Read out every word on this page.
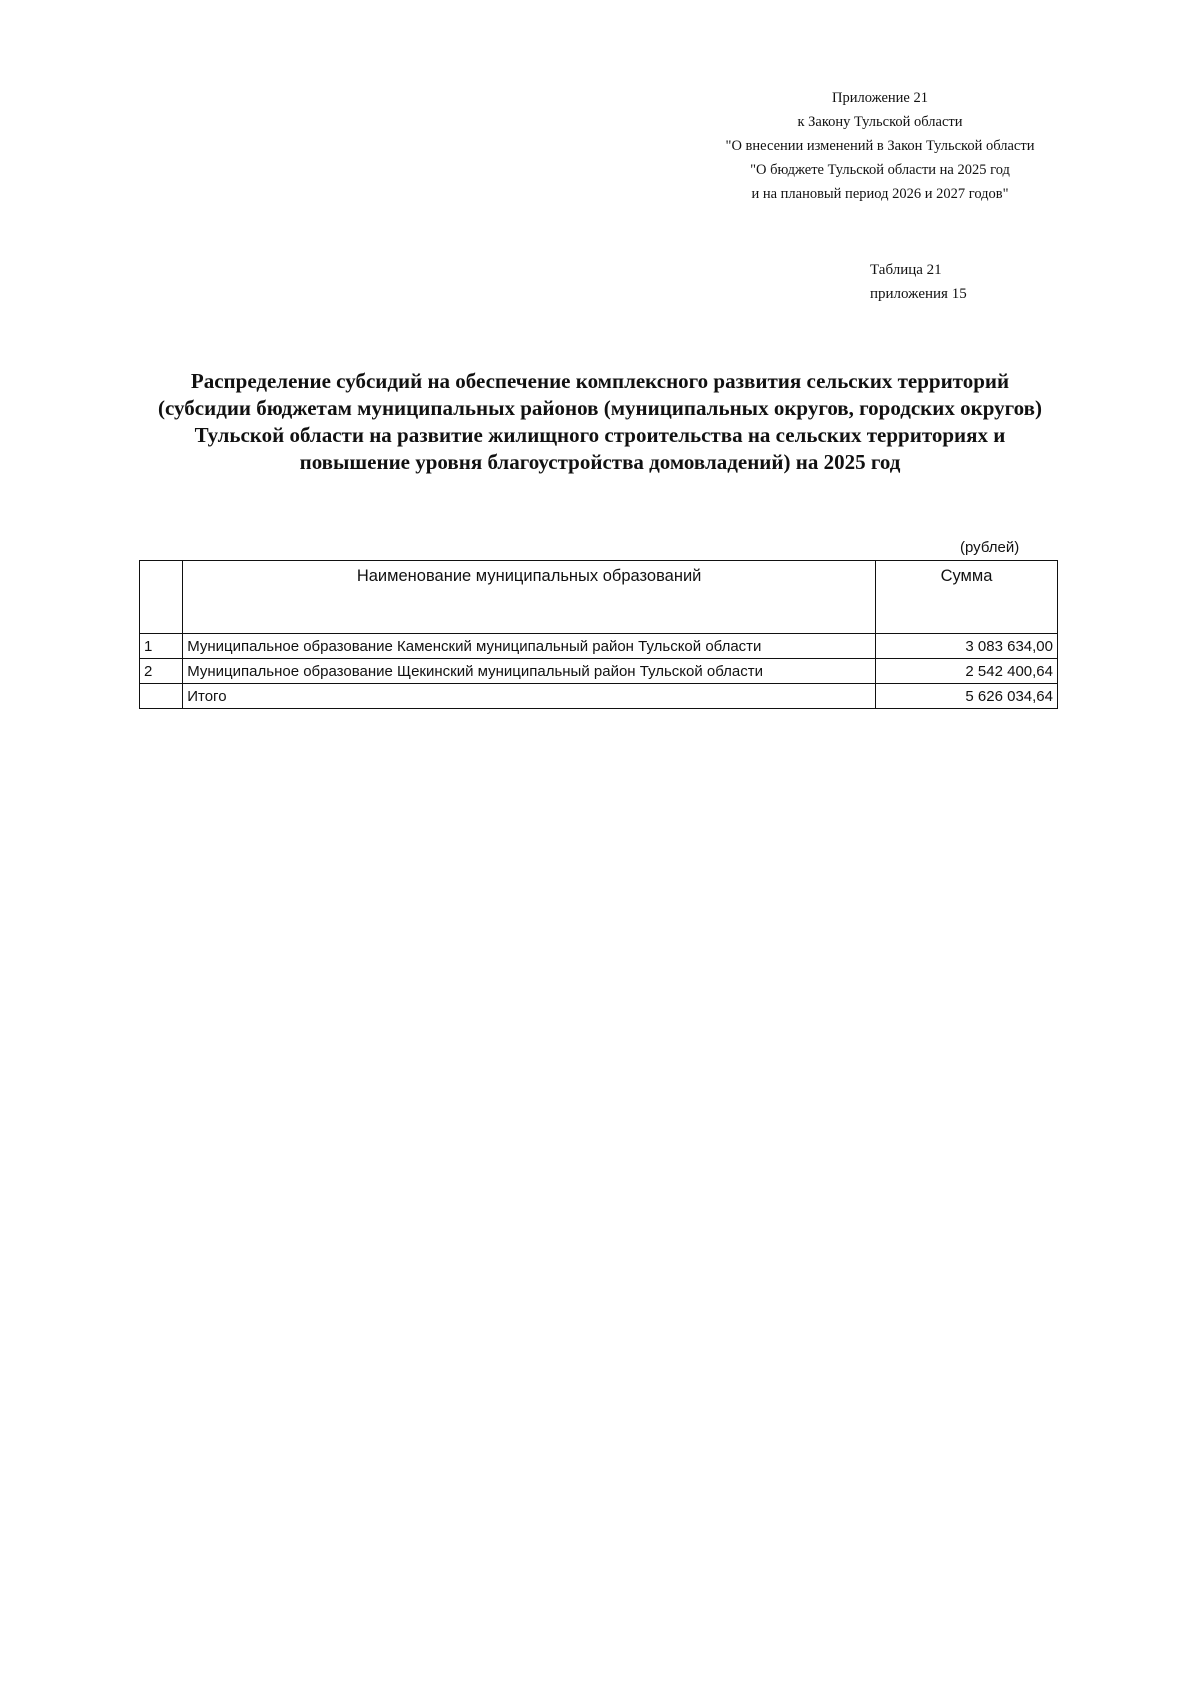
Приложение 21
к Закону Тульской области
"О внесении изменений в Закон Тульской области
"О бюджете Тульской области на 2025 год
и на плановый период 2026 и 2027 годов"
Таблица 21
приложения 15
Распределение субсидий на обеспечение комплексного развития сельских территорий
(субсидии бюджетам муниципальных районов (муниципальных округов, городских округов)
Тульской области на развитие жилищного строительства на сельских территориях и
повышение уровня благоустройства домовладений) на 2025 год
(рублей)
	Наименование муниципальных образований	Сумма
1	Муниципальное образование Каменский муниципальный район Тульской области	3 083 634,00
2	Муниципальное образование Щекинский муниципальный район Тульской области	2 542 400,64
	Итого	5 626 034,64
